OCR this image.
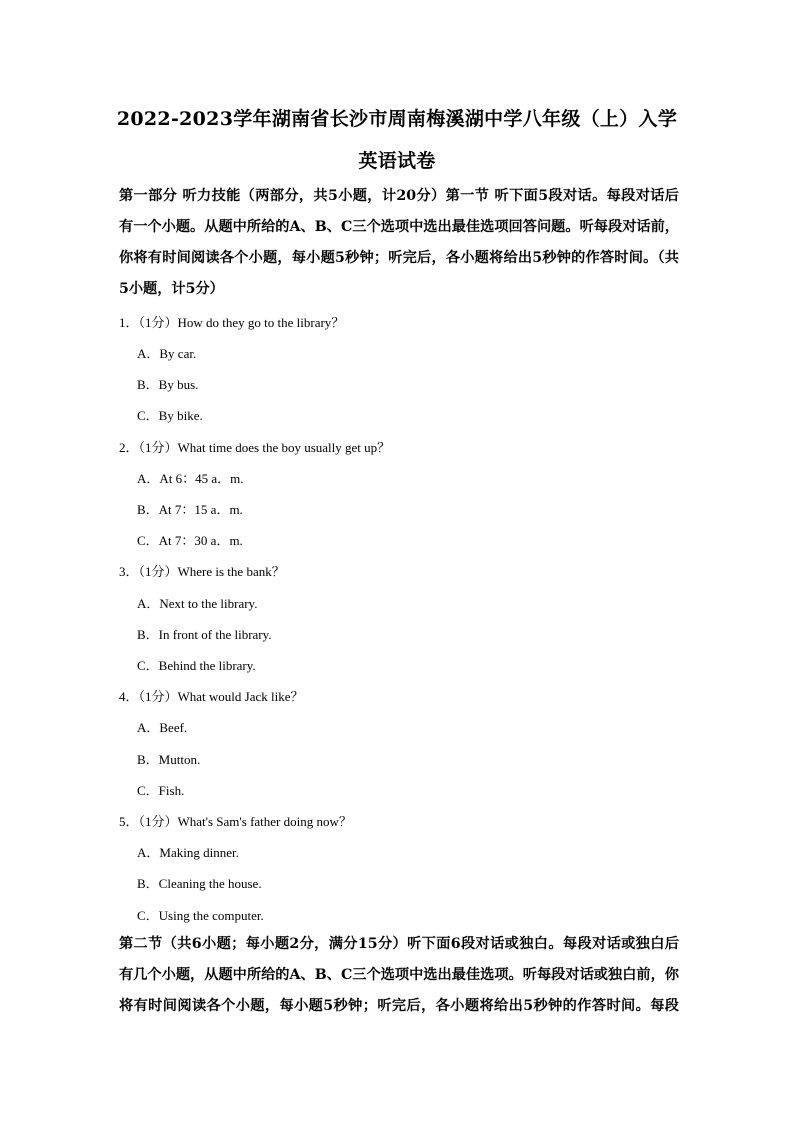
2022-2023学年湖南省长沙市周南梅溪湖中学八年级（上）入学
英语试卷
第一部分 听力技能（两部分，共5小题，计20分）第一节 听下面5段对话。每段对话后
有一个小题。从题中所给的A、B、C三个选项中选出最佳选项回答问题。听每段对话前，
你将有时间阅读各个小题，每小题5秒钟；听完后，各小题将给出5秒钟的作答时间。（共
5小题，计5分）
1．（1分）How do they go to the library？
A．By car.
B．By bus.
C．By bike.
2．（1分）What time does the boy usually get up？
A．At 6：45 a．m.
B．At 7：15 a．m.
C．At 7：30 a．m.
3．（1分）Where is the bank？
A．Next to the library.
B．In front of the library.
C．Behind the library.
4．（1分）What would Jack like？
A．Beef.
B．Mutton.
C．Fish.
5．（1分）What's Sam's father doing now？
A．Making dinner.
B．Cleaning the house.
C．Using the computer.
第二节（共6小题；每小题2分，满分15分）听下面6段对话或独白。每段对话或独白后
有几个小题，从题中所给的A、B、C三个选项中选出最佳选项。听每段对话或独白前，你
将有时间阅读各个小题，每小题5秒钟；听完后，各小题将给出5秒钟的作答时间。每段
